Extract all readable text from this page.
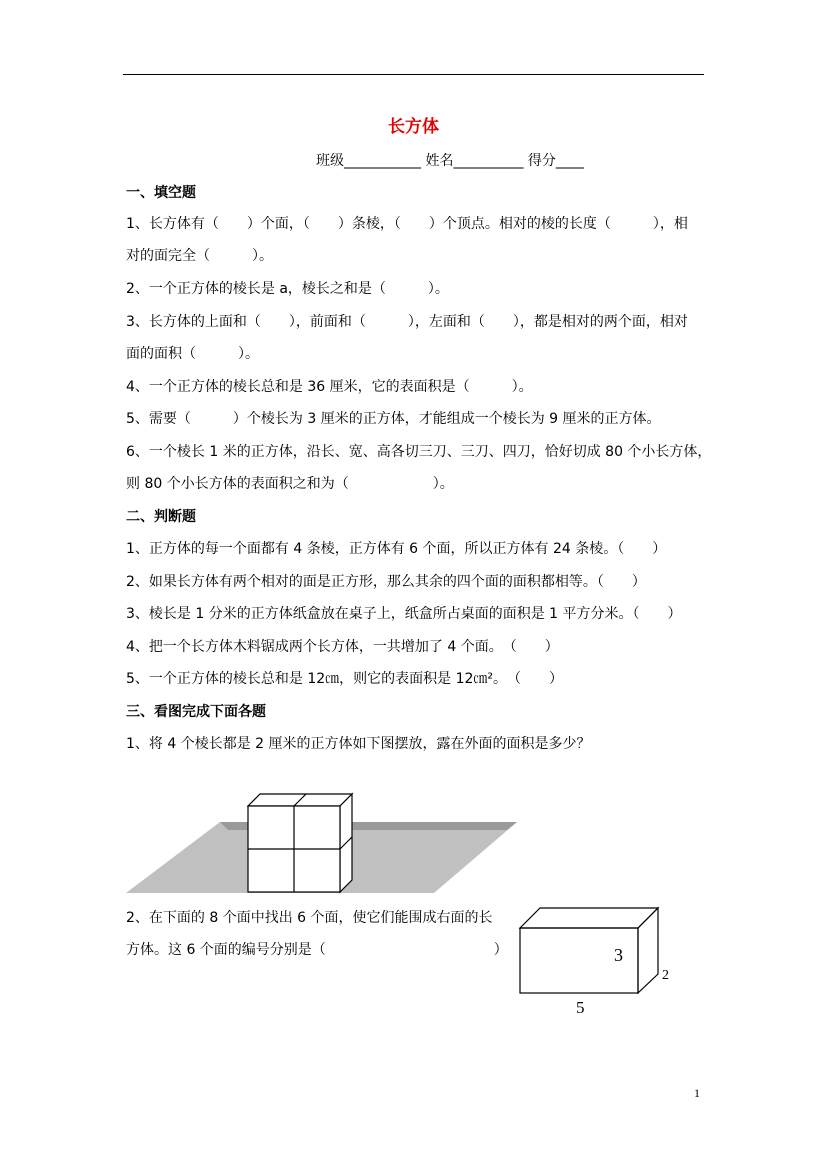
长方体
班级___________ 姓名__________ 得分____
一、填空题
1、长方体有（　　）个面，（　　）条棱，（　　）个顶点。相对的棱的长度（　　　），相
对的面完全（　　　）。
2、一个正方体的棱长是 a，棱长之和是（　　　）。
3、长方体的上面和（　　），前面和（　　　），左面和（　　），都是相对的两个面，相对
面的面积（　　　）。
4、一个正方体的棱长总和是 36 厘米，它的表面积是（　　　）。
5、需要（　　　）个棱长为 3 厘米的正方体，才能组成一个棱长为 9 厘米的正方体。
6、一个棱长 1 米的正方体，沿长、宽、高各切三刀、三刀、四刀，恰好切成 80 个小长方体，
则 80 个小长方体的表面积之和为（　　　　　　）。
二、判断题
1、正方体的每一个面都有 4 条棱，正方体有 6 个面，所以正方体有 24 条棱。（　　）
2、如果长方体有两个相对的面是正方形，那么其余的四个面的面积都相等。（　　）
3、棱长是 1 分米的正方体纸盒放在桌子上，纸盒所占桌面的面积是 1 平方分米。（　　）
4、把一个长方体木料锯成两个长方体，一共增加了 4 个面。　（　　）
5、一个正方体的棱长总和是 12㎝，则它的表面积是 12㎝²。　（　　）
三、看图完成下面各题
1、将 4 个棱长都是 2 厘米的正方体如下图摆放，露在外面的面积是多少？
2、在下面的 8 个面中找出 6 个面，使它们能围成右面的长
方体。这 6 个面的编号分别是（　　　　　　　　　　　　）	3
2
5
1
